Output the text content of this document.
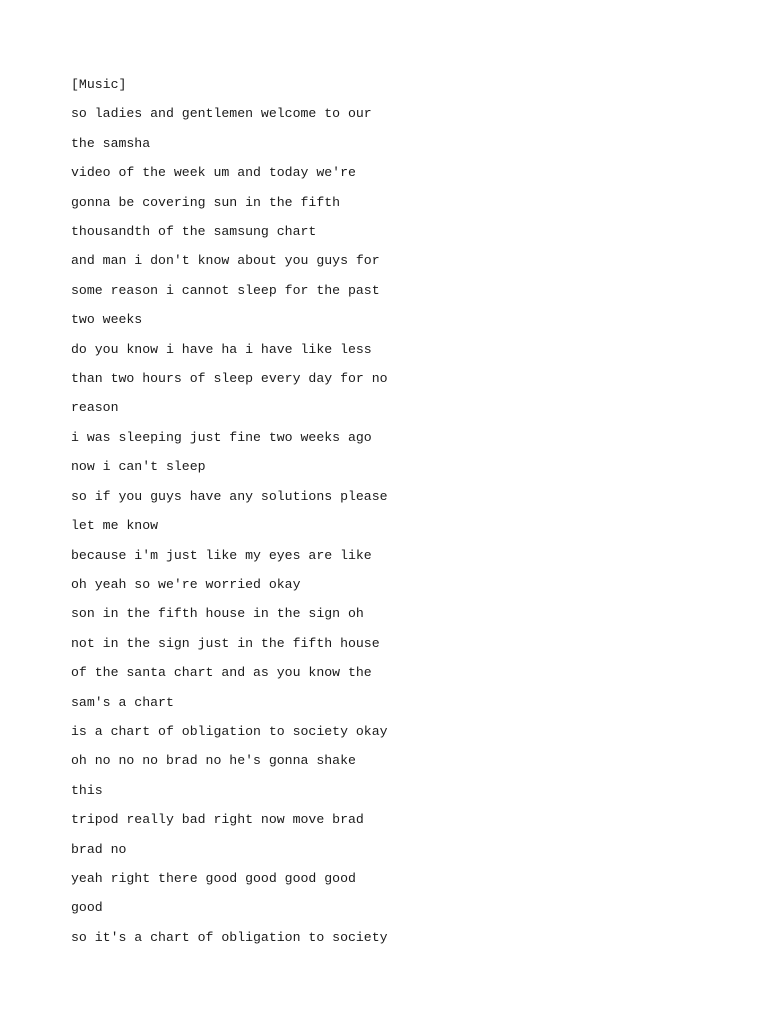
[Music]
so ladies and gentlemen welcome to our
the samsha
video of the week um and today we're
gonna be covering sun in the fifth
thousandth of the samsung chart
and man i don't know about you guys for
some reason i cannot sleep for the past
two weeks
do you know i have ha i have like less
than two hours of sleep every day for no
reason
i was sleeping just fine two weeks ago
now i can't sleep
so if you guys have any solutions please
let me know
because i'm just like my eyes are like
oh yeah so we're worried okay
son in the fifth house in the sign oh
not in the sign just in the fifth house
of the santa chart and as you know the
sam's a chart
is a chart of obligation to society okay
oh no no no brad no he's gonna shake
this
tripod really bad right now move brad
brad no
yeah right there good good good good
good
so it's a chart of obligation to society
